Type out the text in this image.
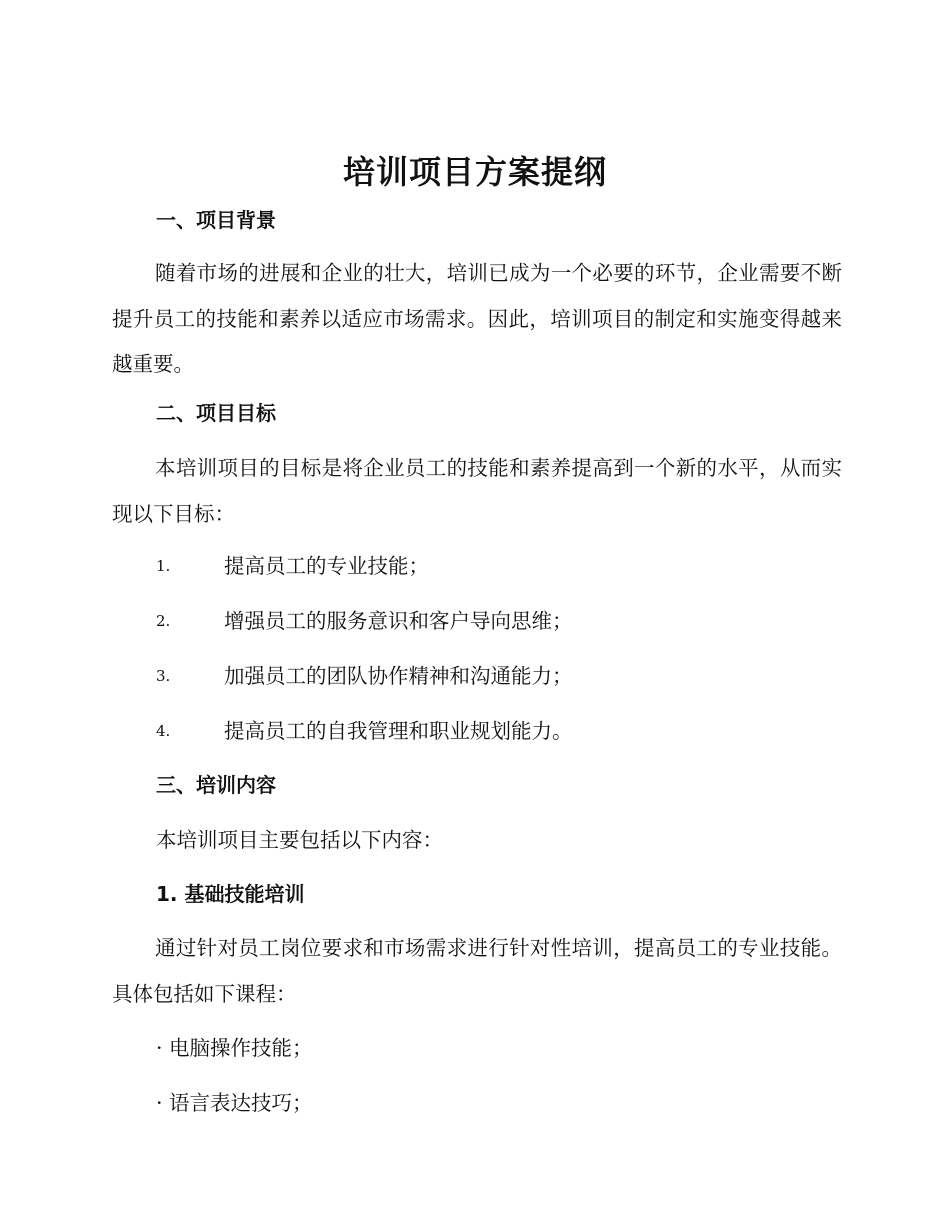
培训项目方案提纲
一、项目背景

随着市场的进展和企业的壮大，培训已成为一个必要的环节，企业需要不断提升员工的技能和素养以适应市场需求。因此，培训项目的制定和实施变得越来越重要。

二、项目目标

本培训项目的目标是将企业员工的技能和素养提高到一个新的水平，从而实现以下目标：

1.	提高员工的专业技能；
2.	增强员工的服务意识和客户导向思维；
3.	加强员工的团队协作精神和沟通能力；
4.	提高员工的自我管理和职业规划能力。
三、培训内容
本培训项目主要包括以下内容：
1. 基础技能培训

通过针对员工岗位要求和市场需求进行针对性培训，提高员工的专业技能。具体包括如下课程：

· 电脑操作技能；
· 语言表达技巧；
